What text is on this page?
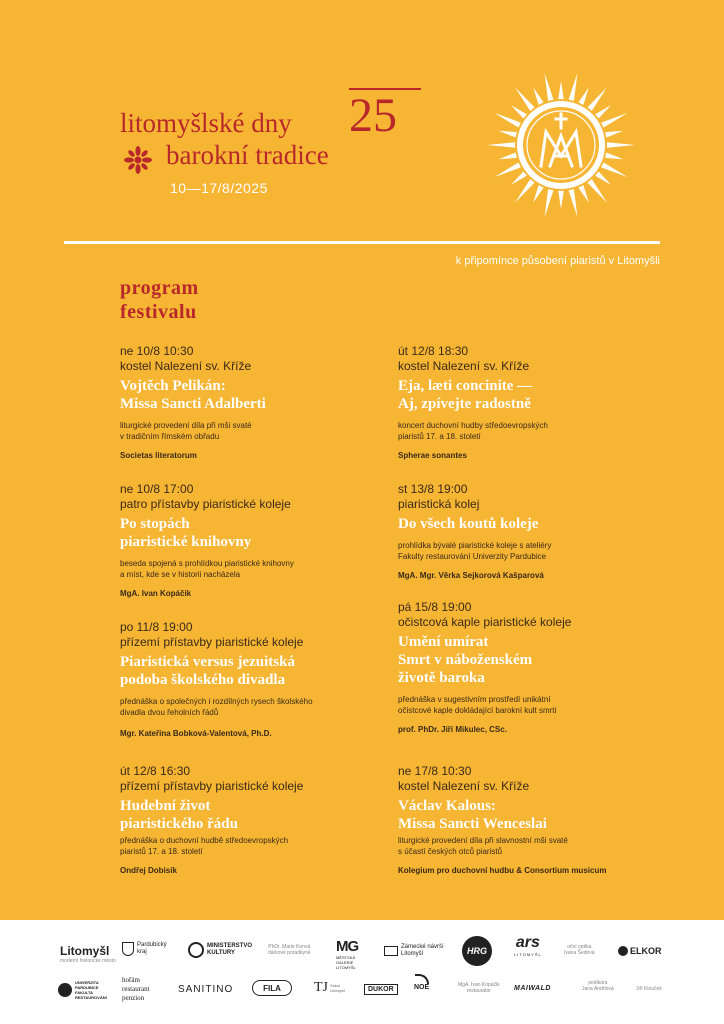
litomyšlské dny 25
barokní tradice
10—17/8/2025
k připomínce působení piaristů v Litomyšli
program
festivalu
ne 10/8 10:30
kostel Nalezení sv. Kříže
Vojtěch Pelikán:
Missa Sancti Adalberti
liturgické provedení díla při mši svaté
v tradičním římském obřadu
Societas literatorum
ne 10/8 17:00
patro přístavby piaristické koleje
Po stopách
piaristické knihovny
beseda spojená s prohlídkou piaristické knihovny
a míst, kde se v historii nacházela
MgA. Ivan Kopáčik
po 11/8 19:00
přízemí přístavby piaristické koleje
Piaristická versus jezuitská
podoba školského divadla
přednáška o společných i rozdílných rysech školského
divadla dvou řeholních řádů
Mgr. Kateřina Bobková-Valentová, Ph.D.
út 12/8 16:30
přízemí přístavby piaristické koleje
Hudební život
piaristického řádu
přednáška o duchovní hudbě středoevropských
piaristů 17. a 18. století
Ondřej Dobisík
út 12/8 18:30
kostel Nalezení sv. Kříže
Eja, læti concinite —
Aj, zpívejte radostně
koncert duchovní hudby středoevropských
piaristů 17. a 18. století
Spherae sonantes
st 13/8 19:00
piaristická kolej
Do všech koutů koleje
prohlídka bývalé piaristické koleje s ateliéry
Fakulty restaurování Univerzity Pardubice
MgA. Mgr. Věrka Sejkorová Kašparová
pá 15/8 19:00
očistcová kaple piaristické koleje
Umění umírat
Smrt v náboženském
životě baroka
přednáška v sugestivním prostředí unikátní
očistcové kaple dokládající barokní kult smrti
prof. PhDr. Jiří Mikulec, CSc.
ne 17/8 10:30
kostel Nalezení sv. Kříže
Václav Kalous:
Missa Sancti Wenceslai
liturgické provedení díla při slavnostní mši svaté
s účastí českých otců piaristů
Kolegium pro duchovní hudbu & Consortium musicum
Litomyšl
moderní historické město
Pardubický
kraj
MINISTERSTVO
KULTURY
PhDr. Marie Konvá
dárkové poradkyně MG
MĚSTSKÁ GALERIE LITOMYŠL
Zámecké návrší
Litomyšl	HRG	ars
LITOMYŠL
oční optika
Ivana Šedová	ELKOR
UNIVERZITA
PARDUBICE
FAKULTA
RESTAUROVÁNÍ
hořám
restaurant
penzion
SANITINO	FILA	TJ Sokol Litomyšl	DUKOR	NOE	MgA. Ivan Kopáčik
restaurátor	MAIWALD
pedikúra
Jana Andrlová	Jiří Klouček
